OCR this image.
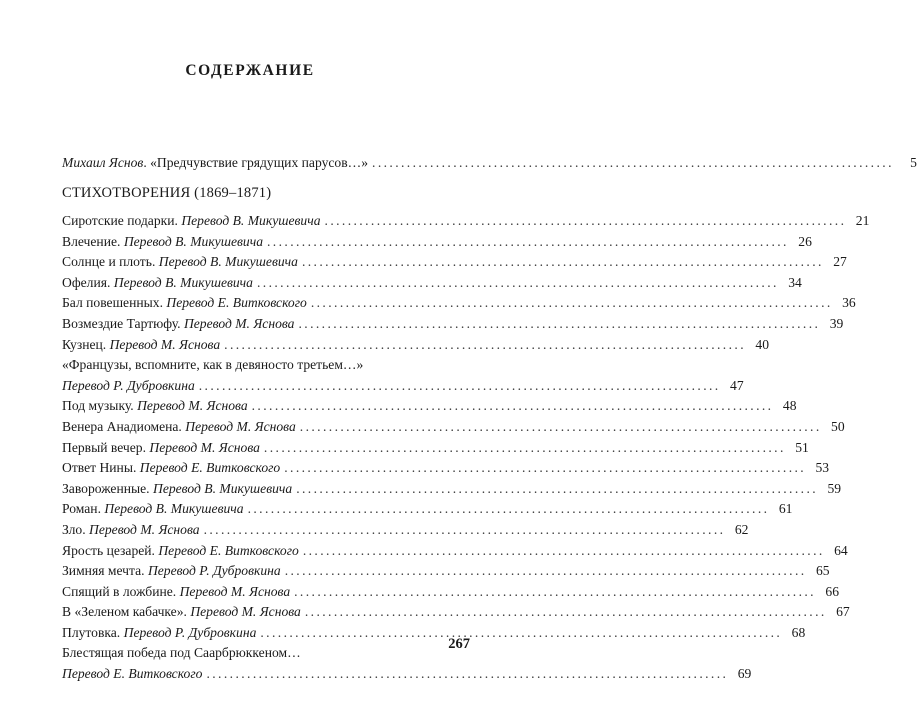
СОДЕРЖАНИЕ
Михаил Яснов. «Предчувствие грядущих парусов…» ..........................................................................................	5
СТИХОТВОРЕНИЯ (1869–1871)
Сиротские подарки. Перевод В. Микушевича .......................................................................................... 21
Влечение. Перевод В. Микушевича .......................................................................................... 26
Солнце и плоть. Перевод В. Микушевича .......................................................................................... 27
Офелия. Перевод В. Микушевича .......................................................................................... 34
Бал повешенных. Перевод Е. Витковского .......................................................................................... 36
Возмездие Тартюфу. Перевод М. Яснова .......................................................................................... 39
Кузнец. Перевод М. Яснова .......................................................................................... 40
«Французы, вспомните, как в девяносто третьем…»
Перевод Р. Дубровкина .......................................................................................... 47
Под музыку. Перевод М. Яснова .......................................................................................... 48
Венера Анадиомена. Перевод М. Яснова .......................................................................................... 50
Первый вечер. Перевод М. Яснова .......................................................................................... 51
Ответ Нины. Перевод Е. Витковского .......................................................................................... 53
Завороженные. Перевод В. Микушевича .......................................................................................... 59
Роман. Перевод В. Микушевича .......................................................................................... 61
Зло. Перевод М. Яснова .......................................................................................... 62
Ярость цезарей. Перевод Е. Витковского .......................................................................................... 64
Зимняя мечта. Перевод Р. Дубровкина .......................................................................................... 65
Спящий в ложбине. Перевод М. Яснова .......................................................................................... 66
В «Зеленом кабачке». Перевод М. Яснова .......................................................................................... 67
Плутовка. Перевод Р. Дубровкина .......................................................................................... 68
Блестящая победа под Саарбрюккеном…
Перевод Е. Витковского .......................................................................................... 69
267
